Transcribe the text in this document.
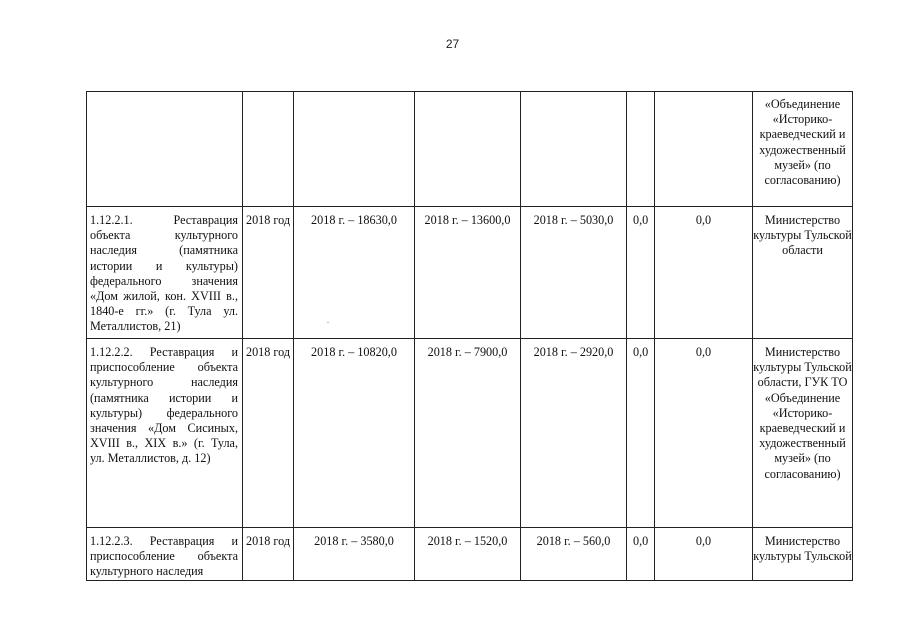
27

							«Объединение «Историко-краеведческий и художественный музей» (по согласованию)

1.12.2.1. Реставрация объекта культурного наследия (памятника истории и культуры) федерального значения «Дом жилой, кон. XVIII в., 1840-е гг.» (г. Тула ул. Металлистов, 21)	2018 год	2018 г. – 18630,0	2018 г. – 13600,0	2018 г. – 5030,0	0,0	0,0	Министерство культуры Тульской области

1.12.2.2. Реставрация и приспособление объекта культурного наследия (памятника истории и культуры) федерального значения «Дом Сисиных, XVIII в., XIX в.» (г. Тула, ул. Металлистов, д. 12)	2018 год	2018 г. – 10820,0	2018 г. – 7900,0	2018 г. – 2920,0	0,0	0,0	Министерство культуры Тульской области, ГУК ТО «Объединение «Историко-краеведческий и художественный музей» (по согласованию)

1.12.2.3. Реставрация и приспособление объекта культурного наследия	2018 год	2018 г. – 3580,0	2018 г. – 1520,0	2018 г. – 560,0	0,0	0,0	Министерство культуры Тульской
